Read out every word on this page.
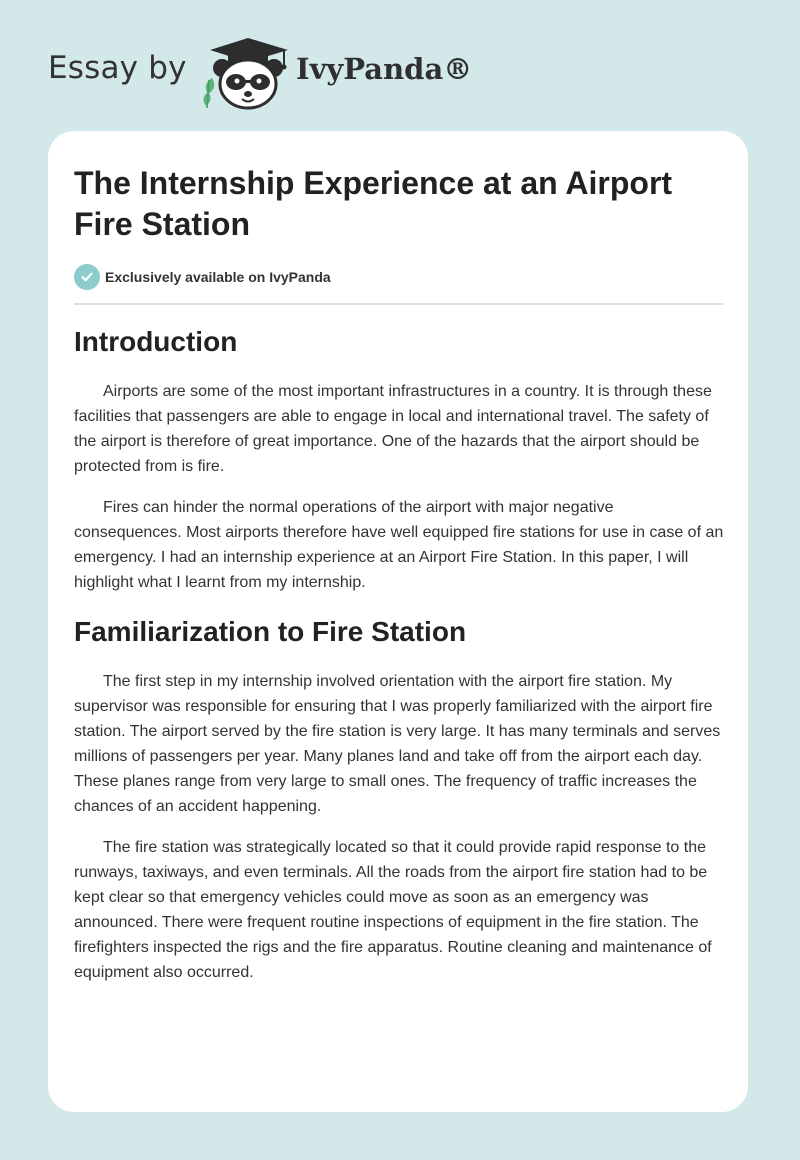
Essay by	IvyPanda®
The Internship Experience at an Airport Fire Station
Exclusively available on IvyPanda
Introduction

Airports are some of the most important infrastructures in a country. It is through these facilities that passengers are able to engage in local and international travel. The safety of the airport is therefore of great importance. One of the hazards that the airport should be protected from is fire.

Fires can hinder the normal operations of the airport with major negative consequences. Most airports therefore have well equipped fire stations for use in case of an emergency. I had an internship experience at an Airport Fire Station. In this paper, I will highlight what I learnt from my internship.

Familiarization to Fire Station

The first step in my internship involved orientation with the airport fire station. My supervisor was responsible for ensuring that I was properly familiarized with the airport fire station. The airport served by the fire station is very large. It has many terminals and serves millions of passengers per year. Many planes land and take off from the airport each day. These planes range from very large to small ones. The frequency of traffic increases the chances of an accident happening.

The fire station was strategically located so that it could provide rapid response to the runways, taxiways, and even terminals. All the roads from the airport fire station had to be kept clear so that emergency vehicles could move as soon as an emergency was announced. There were frequent routine inspections of equipment in the fire station. The firefighters inspected the rigs and the fire apparatus. Routine cleaning and maintenance of equipment also occurred.
